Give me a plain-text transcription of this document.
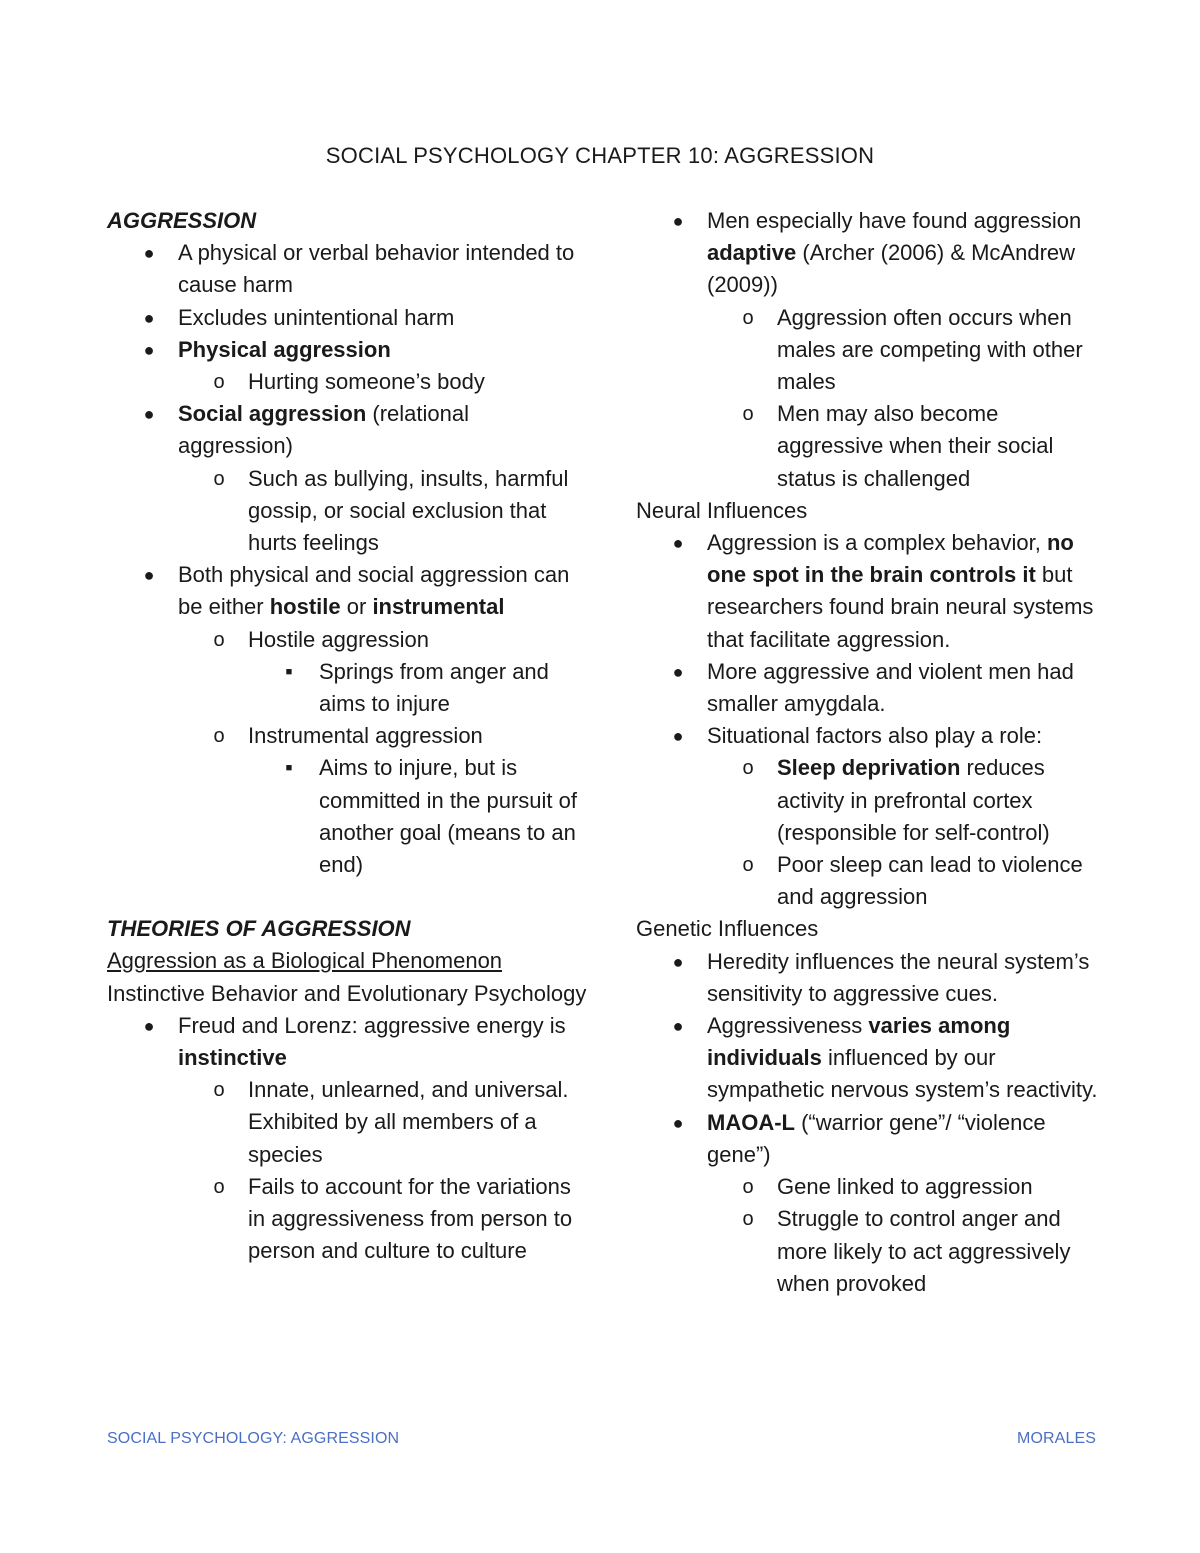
SOCIAL PSYCHOLOGY CHAPTER 10: AGGRESSION
AGGRESSION
● A physical or verbal behavior intended to cause harm
● Excludes unintentional harm
● Physical aggression
o Hurting someone’s body
● Social aggression (relational aggression)
o Such as bullying, insults, harmful gossip, or social exclusion that hurts feelings
● Both physical and social aggression can be either hostile or instrumental
o Hostile aggression
■	Springs from anger and aims to injure
o Instrumental aggression
■	Aims to injure, but is committed in the pursuit of another goal (means to an end)
THEORIES OF AGGRESSION
Aggression as a Biological Phenomenon
Instinctive Behavior and Evolutionary Psychology
● Freud and Lorenz: aggressive energy is instinctive
o Innate, unlearned, and universal. Exhibited by all members of a species
o Fails to account for the variations in aggressiveness from person to person and culture to culture
● Men especially have found aggression adaptive (Archer (2006) & McAndrew (2009))
o Aggression often occurs when males are competing with other males
o Men may also become aggressive when their social status is challenged
Neural Influences
● Aggression is a complex behavior, no one spot in the brain controls it but researchers found brain neural systems that facilitate aggression.
● More aggressive and violent men had smaller amygdala.
● Situational factors also play a role:
o Sleep deprivation reduces activity in prefrontal cortex (responsible for self-control)
o Poor sleep can lead to violence and aggression
Genetic Influences
● Heredity influences the neural system’s sensitivity to aggressive cues.
● Aggressiveness varies among individuals influenced by our sympathetic nervous system’s reactivity.
● MAOA-L (“warrior gene”/ “violence gene”)
o Gene linked to aggression
o Struggle to control anger and more likely to act aggressively when provoked
SOCIAL PSYCHOLOGY: AGGRESSION	MORALES
